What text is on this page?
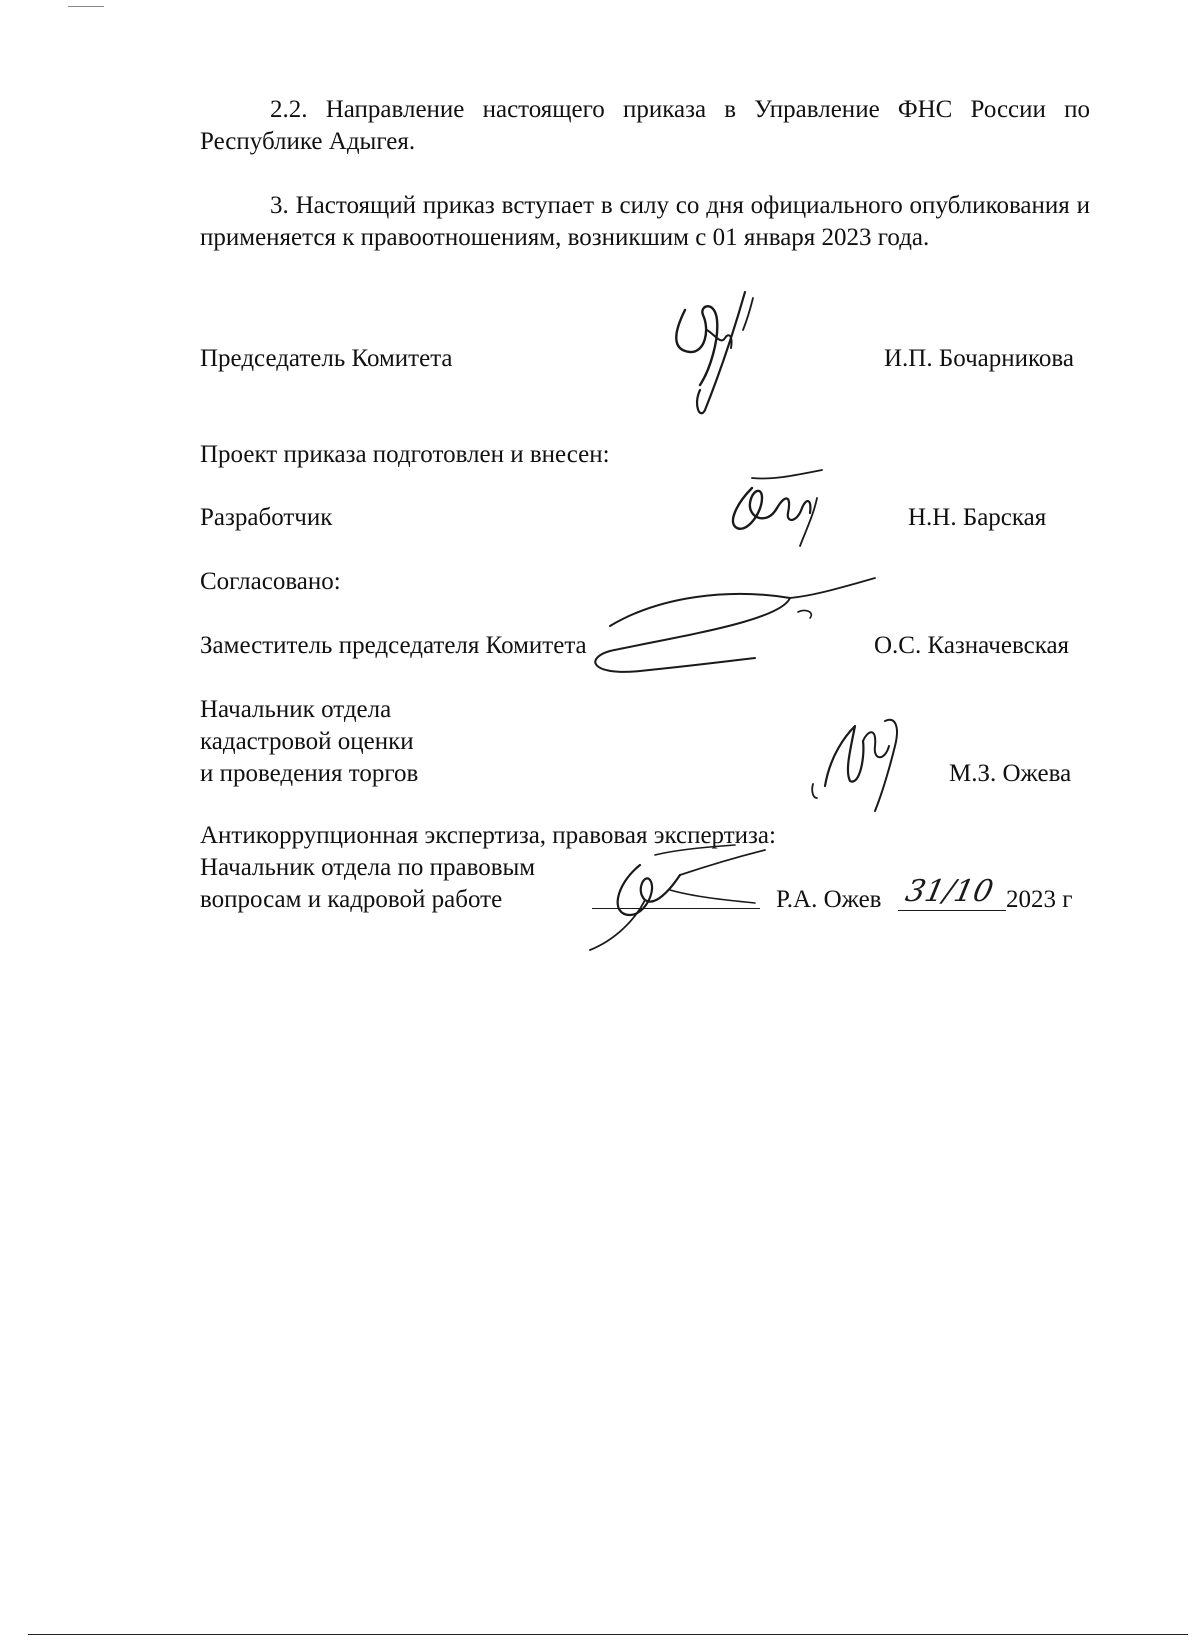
2.2. Направление настоящего приказа в Управление ФНС России по Республике Адыгея.
3. Настоящий приказ вступает в силу со дня официального опубликования и применяется к правоотношениям, возникшим с 01 января 2023 года.
Председатель Комитета	И.П. Бочарникова
Проект приказа подготовлен и внесен:
Разработчик	Н.Н. Барская
Согласовано:
Заместитель председателя Комитета	О.С. Казначевская
Начальник отдела
кадастровой оценки
и проведения торгов	М.З. Ожева
Антикоррупционная экспертиза, правовая экспертиза:
Начальник отдела по правовым
вопросам и кадровой работе	Р.А. Ожев 31/10 2023 г
